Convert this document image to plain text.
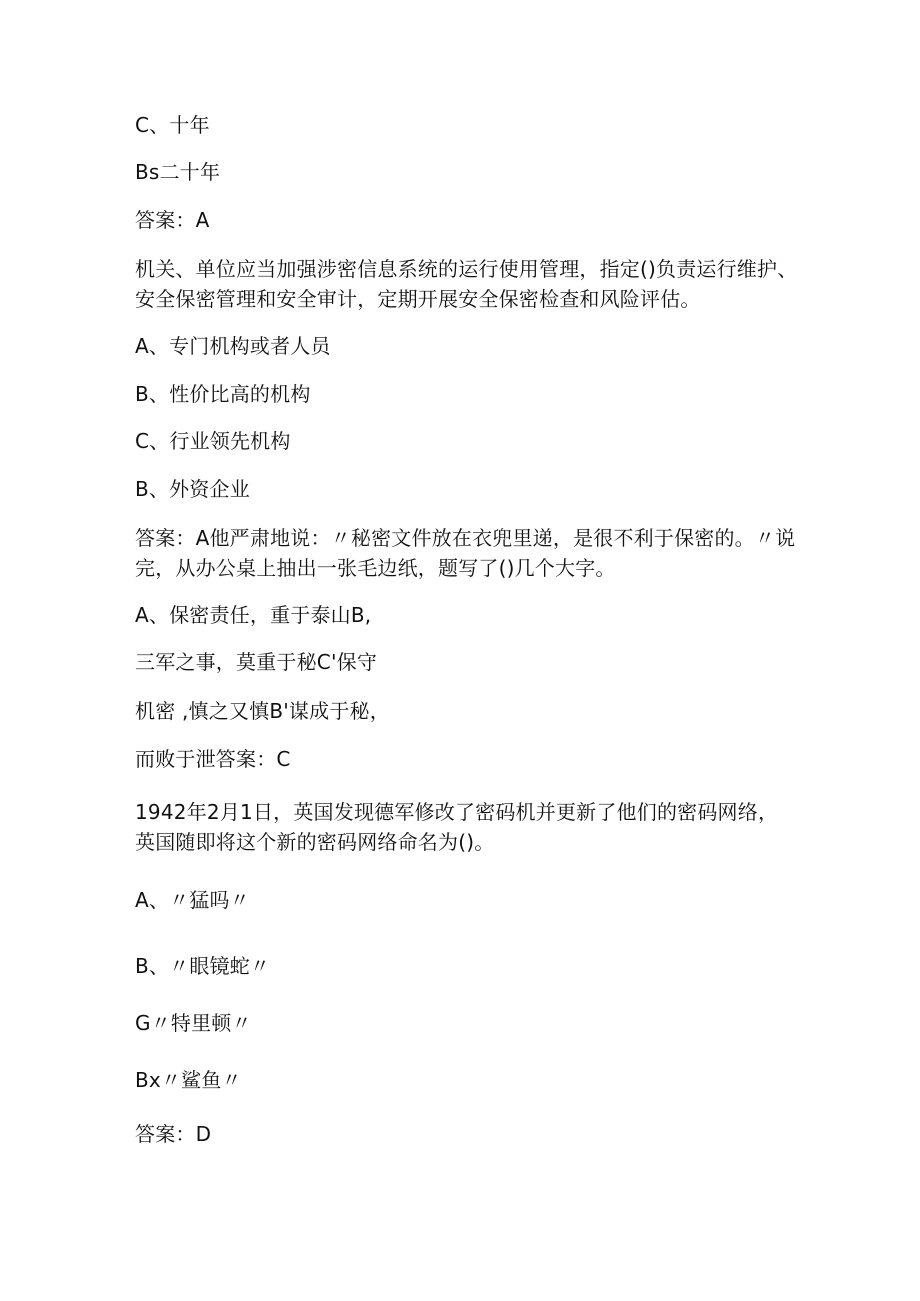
C、十年
Bs二十年
答案：A
机关、单位应当加强涉密信息系统的运行使用管理，指定()负责运行维护、
安全保密管理和安全审计，定期开展安全保密检查和风险评估。
A、专门机构或者人员
B、性价比高的机构
C、行业领先机构
B、外资企业
答案：A他严肃地说：〃秘密文件放在衣兜里递，是很不利于保密的。〃说
完，从办公桌上抽出一张毛边纸，题写了()几个大字。
A、保密责任，重于泰山B,
三军之事，莫重于秘C'保守
机密 ,慎之又慎B'谋成于秘，
而败于泄答案：C
1942年2月1日，英国发现德军修改了密码机并更新了他们的密码网络，
英国随即将这个新的密码网络命名为()。
A、〃猛吗〃
B、〃眼镜蛇〃
G〃特里顿〃
Bx〃鲨鱼〃
答案：D
